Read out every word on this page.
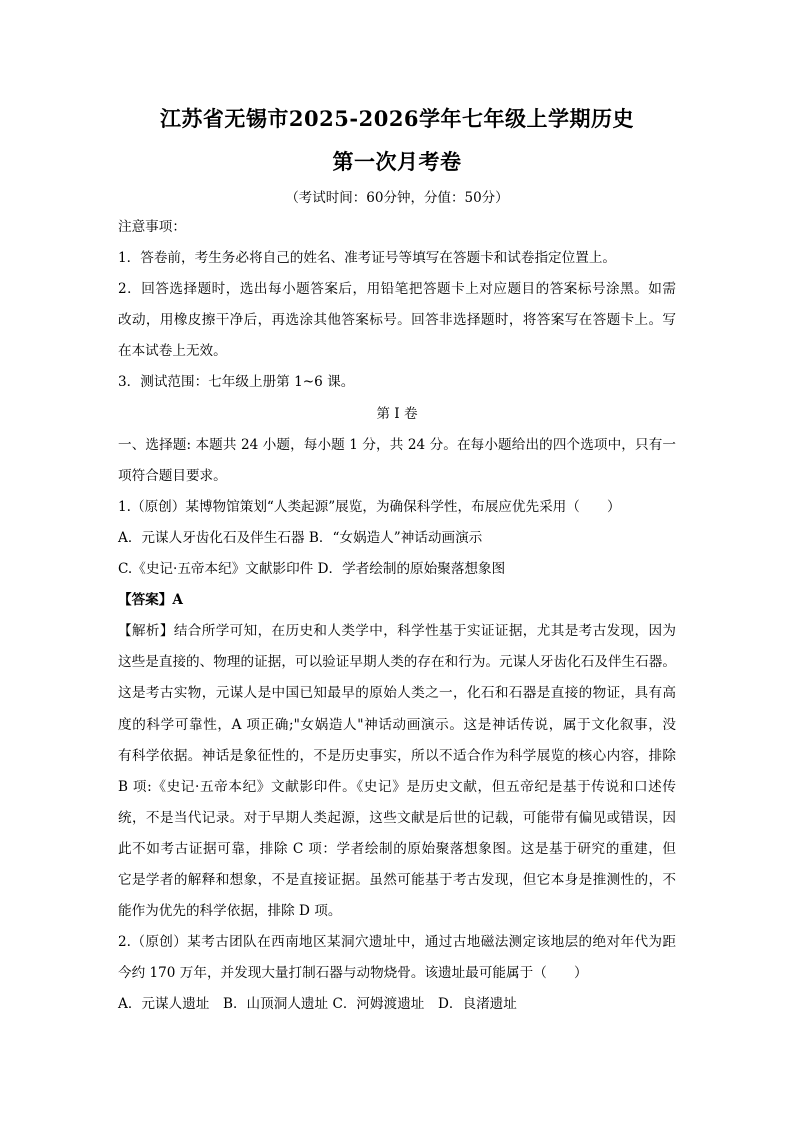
江苏省无锡市2025-2026学年七年级上学期历史
第一次月考卷
（考试时间：60分钟，分值：50分）

注意事项：

1．答卷前，考生务必将自己的姓名、准考证号等填写在答题卡和试卷指定位置上。

2．回答选择题时，选出每小题答案后，用铅笔把答题卡上对应题目的答案标号涂黑。如需
改动，用橡皮擦干净后，再选涂其他答案标号。回答非选择题时，将答案写在答题卡上。写
在本试卷上无效。

3．测试范围：七年级上册第 1~6 课。

第 I 卷

一、选择题: 本题共 24 小题，每小题 1 分，共 24 分。在每小题给出的四个选项中，只有一
项符合题目要求。

1.（原创）某博物馆策划“人类起源”展览，为确保科学性，布展应优先采用（　　）

A．元谋人牙齿化石及伴生石器 B．“女娲造人”神话动画演示

C.《史记·五帝本纪》文献影印件 D．学者绘制的原始聚落想象图

【答案】A

【解析】结合所学可知，在历史和人类学中，科学性基于实证证据，尤其是考古发现，因为
这些是直接的、物理的证据，可以验证早期人类的存在和行为。元谋人牙齿化石及伴生石器。
这是考古实物，元谋人是中国已知最早的原始人类之一，化石和石器是直接的物证，具有高
度的科学可靠性，A 项正确;"女娲造人"神话动画演示。这是神话传说，属于文化叙事，没
有科学依据。神话是象征性的，不是历史事实，所以不适合作为科学展览的核心内容，排除
B 项:《史记·五帝本纪》文献影印件。《史记》是历史文献，但五帝纪是基于传说和口述传
统，不是当代记录。对于早期人类起源，这些文献是后世的记载，可能带有偏见或错误，因
此不如考古证据可靠，排除 C 项：学者绘制的原始聚落想象图。这是基于研究的重建，但
它是学者的解释和想象，不是直接证据。虽然可能基于考古发现，但它本身是推测性的，不
能作为优先的科学依据，排除 D 项。
2.（原创）某考古团队在西南地区某洞穴遗址中，通过古地磁法测定该地层的绝对年代为距
今约 170 万年，并发现大量打制石器与动物烧骨。该遗址最可能属于（　　）

A．元谋人遗址　B．山顶洞人遗址 C．河姆渡遗址　D．良渚遗址
